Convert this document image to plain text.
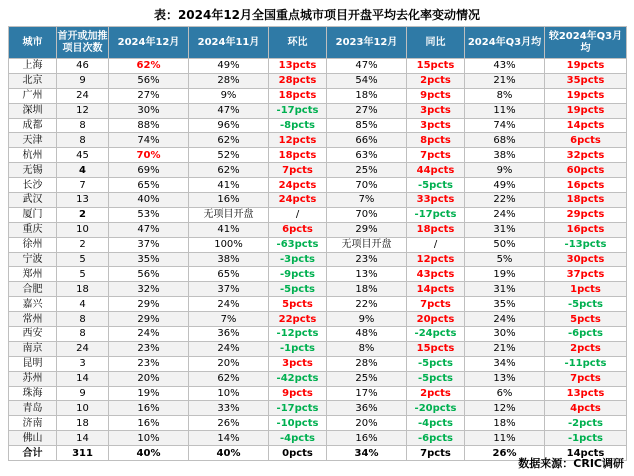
表：2024年12月全国重点城市项目开盘平均去化率变动情况
城市	首开或加推项目次数	2024年12月	2024年11月	环比	2023年12月	同比	2024年Q3月均	较2024年Q3月均
上海	46	62%	49%	13pcts	47%	15pcts	43%	19pcts
北京	9	56%	28%	28pcts	54%	2pcts	21%	35pcts
广州	24	27%	9%	18pcts	18%	9pcts	8%	19pcts
深圳	12	30%	47%	-17pcts	27%	3pcts	11%	19pcts
成都	8	88%	96%	-8pcts	85%	3pcts	74%	14pcts
天津	8	74%	62%	12pcts	66%	8pcts	68%	6pcts
杭州	45	70%	52%	18pcts	63%	7pcts	38%	32pcts
无锡	4	69%	62%	7pcts	25%	44pcts	9%	60pcts
长沙	7	65%	41%	24pcts	70%	-5pcts	49%	16pcts
武汉	13	40%	16%	24pcts	7%	33pcts	22%	18pcts
厦门	2	53%	无项目开盘	/	70%	-17pcts	24%	29pcts
重庆	10	47%	41%	6pcts	29%	18pcts	31%	16pcts
徐州	2	37%	100%	-63pcts	无项目开盘	/	50%	-13pcts
宁波	5	35%	38%	-3pcts	23%	12pcts	5%	30pcts
郑州	5	56%	65%	-9pcts	13%	43pcts	19%	37pcts
合肥	18	32%	37%	-5pcts	18%	14pcts	31%	1pcts
嘉兴	4	29%	24%	5pcts	22%	7pcts	35%	-5pcts
常州	8	29%	7%	22pcts	9%	20pcts	24%	5pcts
西安	8	24%	36%	-12pcts	48%	-24pcts	30%	-6pcts
南京	24	23%	24%	-1pcts	8%	15pcts	21%	2pcts
昆明	3	23%	20%	3pcts	28%	-5pcts	34%	-11pcts
苏州	14	20%	62%	-42pcts	25%	-5pcts	13%	7pcts
珠海	9	19%	10%	9pcts	17%	2pcts	6%	13pcts
青岛	10	16%	33%	-17pcts	36%	-20pcts	12%	4pcts
济南	18	16%	26%	-10pcts	20%	-4pcts	18%	-2pcts
佛山	14	10%	14%	-4pcts	16%	-6pcts	11%	-1pcts
合计	311	40%	40%	0pcts	34%	7pcts	26%	14pcts
数据来源：CRIC调研
